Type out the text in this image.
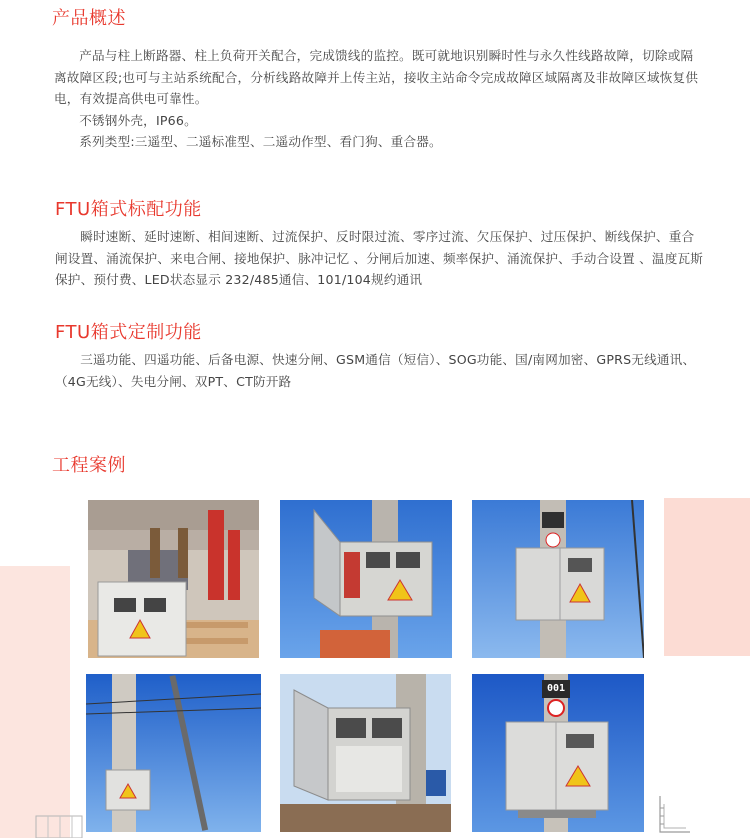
产品概述

产品与柱上断路器、柱上负荷开关配合，完成馈线的监控。既可就地识别瞬时性与永久性线路故障，切除或隔离故障区段;也可与主站系统配合，分析线路故障并上传主站，接收主站命令完成故障区域隔离及非故障区域恢复供电，有效提高供电可靠性。

不锈钢外壳，IP66。

系列类型:三遥型、二遥标准型、二遥动作型、看门狗、重合器。

FTU箱式标配功能

瞬时速断、延时速断、相间速断、过流保护、反时限过流、零序过流、欠压保护、过压保护、断线保护、重合闸设置、涌流保护、来电合闸、接地保护、脉冲记忆 、分闸后加速、频率保护、涌流保护、手动合设置 、温度瓦斯保护、预付费、LED状态显示 232/485通信、101/104规约通讯

FTU箱式定制功能

三遥功能、四遥功能、后备电源、快速分闸、GSM通信（短信）、SOG功能、国/南网加密、GPRS无线通讯、（4G无线）、失电分闸、双PT、CT防开路

工程案例
001
